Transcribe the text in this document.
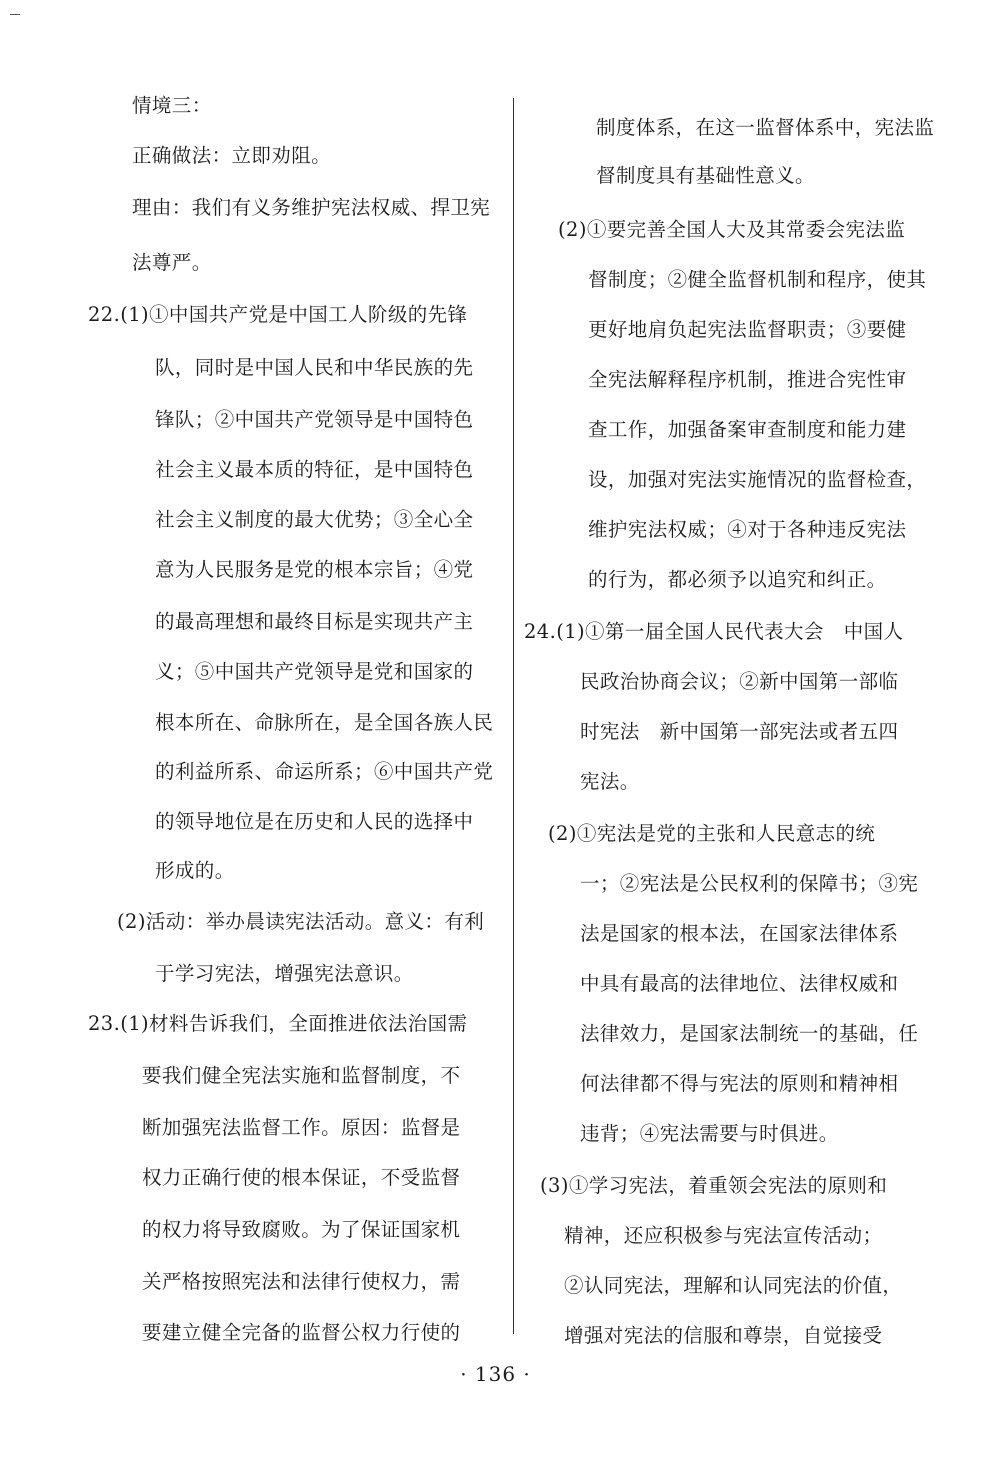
情境三：
正确做法：立即劝阻。
理由：我们有义务维护宪法权威、捍卫宪
法尊严。
22.(1)①中国共产党是中国工人阶级的先锋
队，同时是中国人民和中华民族的先
锋队；②中国共产党领导是中国特色
社会主义最本质的特征，是中国特色
社会主义制度的最大优势；③全心全
意为人民服务是党的根本宗旨；④党
的最高理想和最终目标是实现共产主
义；⑤中国共产党领导是党和国家的
根本所在、命脉所在，是全国各族人民
的利益所系、命运所系；⑥中国共产党
的领导地位是在历史和人民的选择中
形成的。
(2)活动：举办晨读宪法活动。意义：有利
于学习宪法，增强宪法意识。
23.(1)材料告诉我们，全面推进依法治国需
要我们健全宪法实施和监督制度，不
断加强宪法监督工作。原因：监督是
权力正确行使的根本保证，不受监督
的权力将导致腐败。为了保证国家机
关严格按照宪法和法律行使权力，需
要建立健全完备的监督公权力行使的
制度体系，在这一监督体系中，宪法监
督制度具有基础性意义。
(2)①要完善全国人大及其常委会宪法监
督制度；②健全监督机制和程序，使其
更好地肩负起宪法监督职责；③要健
全宪法解释程序机制，推进合宪性审
查工作，加强备案审查制度和能力建
设，加强对宪法实施情况的监督检查，
维护宪法权威；④对于各种违反宪法
的行为，都必须予以追究和纠正。
24.(1)①第一届全国人民代表大会　中国人
民政治协商会议；②新中国第一部临
时宪法　新中国第一部宪法或者五四
宪法。
(2)①宪法是党的主张和人民意志的统
一；②宪法是公民权利的保障书；③宪
法是国家的根本法，在国家法律体系
中具有最高的法律地位、法律权威和
法律效力，是国家法制统一的基础，任
何法律都不得与宪法的原则和精神相
违背；④宪法需要与时俱进。
(3)①学习宪法，着重领会宪法的原则和
精神，还应积极参与宪法宣传活动；
②认同宪法，理解和认同宪法的价值，
增强对宪法的信服和尊崇，自觉接受
· 136 ·
